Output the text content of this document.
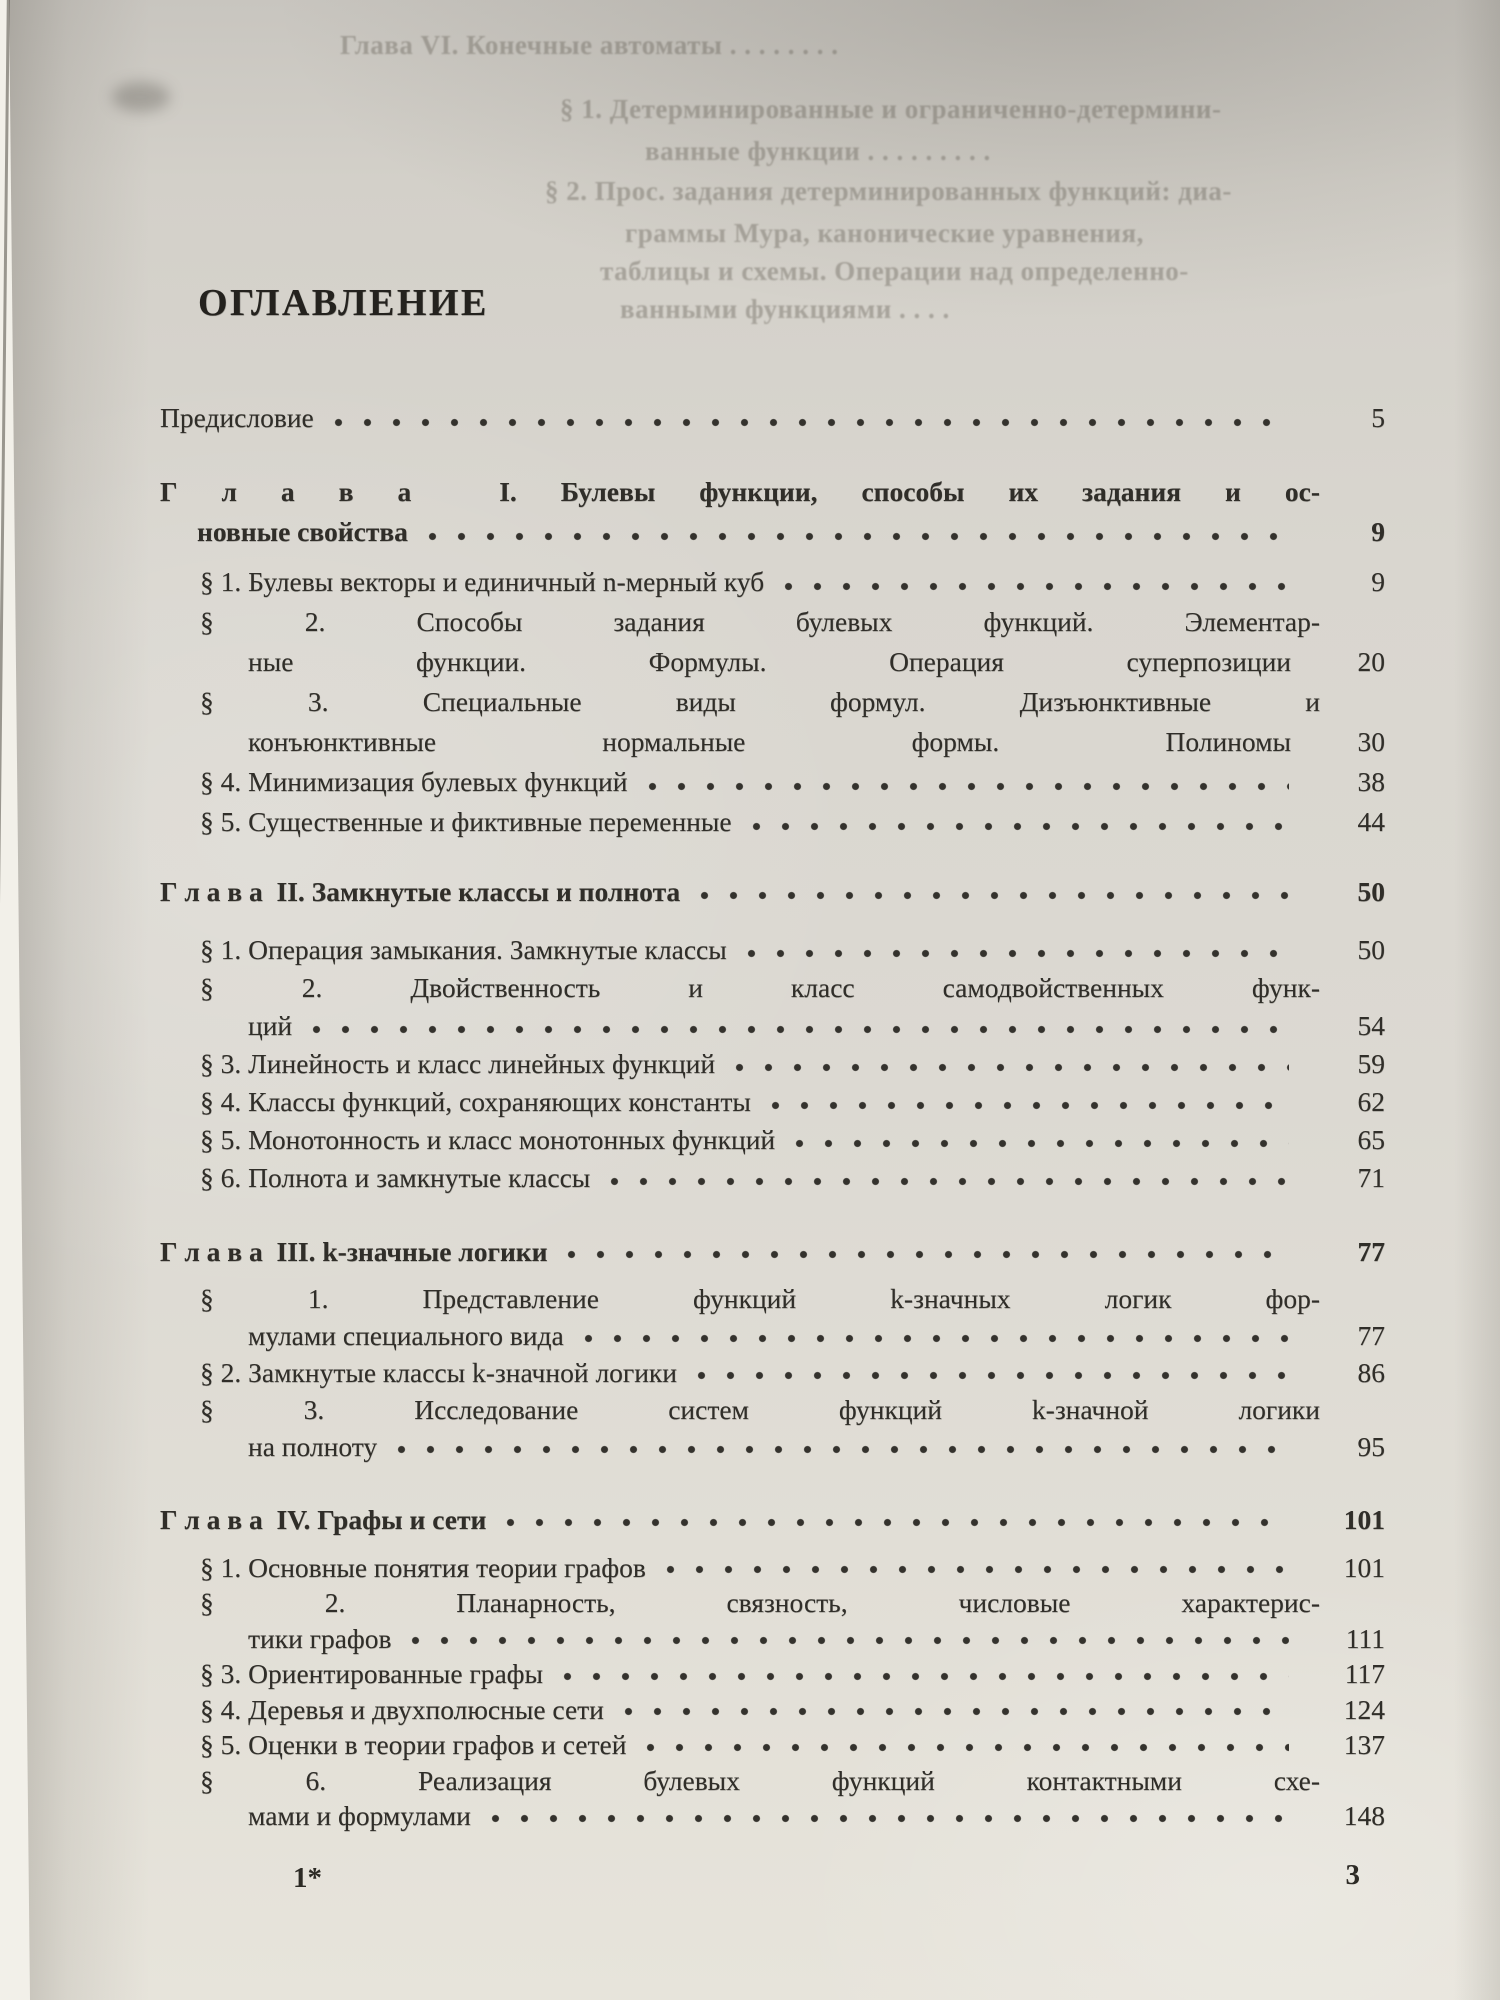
Глава VI. Конечные автоматы . . . . . . . .
§ 1. Детерминированные и ограниченно-детермини-
ванные функции . . . . . . . . .
§ 2. Прос. задания детерминированных функций: диа-
граммы Мура, канонические уравнения,
таблицы и схемы. Операции над определенно-
ванными функциями . . . .
ОГЛАВЛЕНИЕ
Предисловие	5
Г л а в а  I. Булевы функции, способы их задания и ос-
новные свойства	9
§ 1. Булевы векторы и единичный n-мерный куб	9
§ 2. Способы задания булевых функций. Элементар-
ные функции. Формулы. Операция суперпозиции	20
§ 3. Специальные виды формул. Дизъюнктивные и
конъюнктивные нормальные формы. Полиномы	30
§ 4. Минимизация булевых функций	38
§ 5. Существенные и фиктивные переменные	44
Г л а в а  II. Замкнутые классы и полнота	50
§ 1. Операция замыкания. Замкнутые классы	50
§ 2. Двойственность и класс самодвойственных функ-
ций	54
§ 3. Линейность и класс линейных функций	59
§ 4. Классы функций, сохраняющих константы	62
§ 5. Монотонность и класс монотонных функций	65
§ 6. Полнота и замкнутые классы	71
Г л а в а  III. k-значные логики	77
§ 1. Представление функций k-значных логик фор-
мулами специального вида	77
§ 2. Замкнутые классы k-значной логики	86
§ 3. Исследование систем функций k-значной логики
на полноту	95
Г л а в а  IV. Графы и сети	101
§ 1. Основные понятия теории графов	101
§ 2. Планарность, связность, числовые характерис-
тики графов	111
§ 3. Ориентированные графы	117
§ 4. Деревья и двухполюсные сети	124
§ 5. Оценки в теории графов и сетей	137
§ 6. Реализация булевых функций контактными схе-
мами и формулами	148
1*	3
